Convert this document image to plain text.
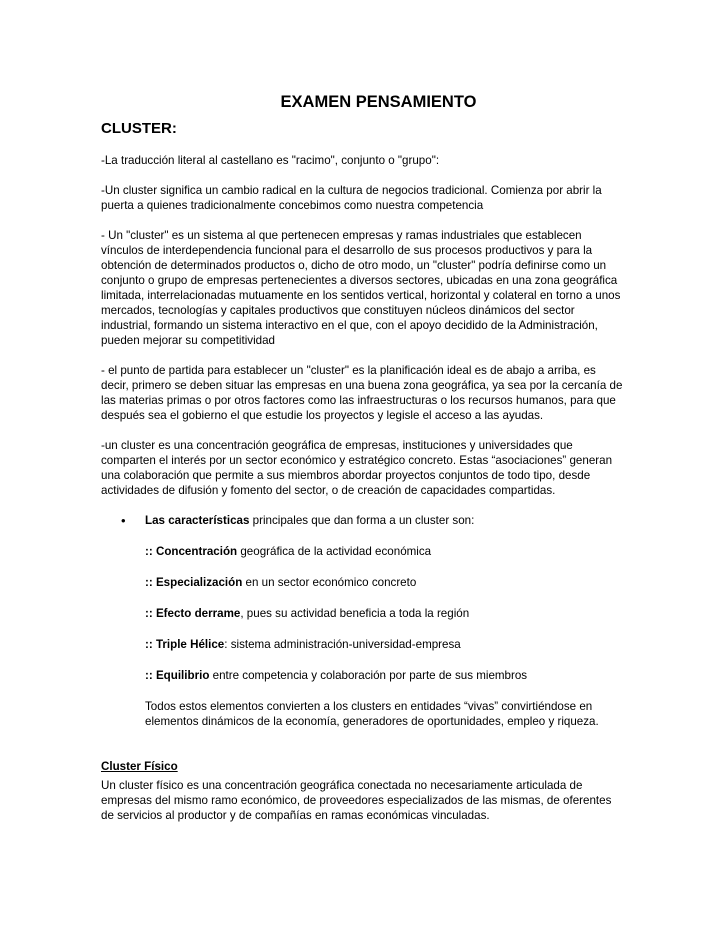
EXAMEN PENSAMIENTO
CLUSTER:

-La traducción literal al castellano es "racimo", conjunto o "grupo":

-Un cluster significa un cambio radical en la cultura de negocios tradicional. Comienza por abrir la puerta a quienes tradicionalmente concebimos como nuestra competencia

- Un "cluster" es un sistema al que pertenecen empresas y ramas industriales que establecen vínculos de interdependencia funcional para el desarrollo de sus procesos productivos y para la obtención de determinados productos o, dicho de otro modo, un "cluster" podría definirse como un conjunto o grupo de empresas pertenecientes a diversos sectores, ubicadas en una zona geográfica limitada, interrelacionadas mutuamente en los sentidos vertical, horizontal y colateral en torno a unos mercados, tecnologías y capitales productivos que constituyen núcleos dinámicos del sector industrial, formando un sistema interactivo en el que, con el apoyo decidido de la Administración, pueden mejorar su competitividad

- el punto de partida para establecer un "cluster" es la planificación ideal es de abajo a arriba, es decir, primero se deben situar las empresas en una buena zona geográfica, ya sea por la cercanía de las materias primas o por otros factores como las infraestructuras o los recursos humanos, para que después sea el gobierno el que estudie los proyectos y legisle el acceso a las ayudas.

-un cluster es una concentración geográfica de empresas, instituciones y universidades que comparten el interés por un sector económico y estratégico concreto. Estas “asociaciones” generan una colaboración que permite a sus miembros abordar proyectos conjuntos de todo tipo, desde actividades de difusión y fomento del sector, o de creación de capacidades compartidas.

• Las características principales que dan forma a un cluster son:
:: Concentración geográfica de la actividad económica
:: Especialización en un sector económico concreto
:: Efecto derrame, pues su actividad beneficia a toda la región
:: Triple Hélice: sistema administración-universidad-empresa
:: Equilibrio entre competencia y colaboración por parte de sus miembros

Todos estos elementos convierten a los clusters en entidades “vivas” convirtiéndose en elementos dinámicos de la economía, generadores de oportunidades, empleo y riqueza.

Cluster Físico

Un cluster físico es una concentración geográfica conectada no necesariamente articulada de empresas del mismo ramo económico, de proveedores especializados de las mismas, de oferentes de servicios al productor y de compañías en ramas económicas vinculadas.
